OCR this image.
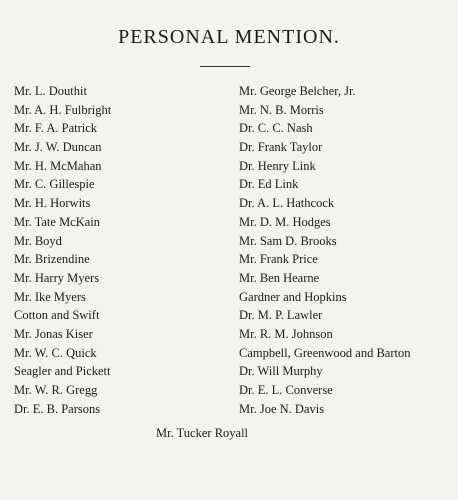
PERSONAL MENTION.
Mr. L. Douthit
Mr. A. H. Fulbright
Mr. F. A. Patrick
Mr. J. W. Duncan
Mr. H. McMahan
Mr. C. Gillespie
Mr. H. Horwits
Mr. Tate McKain
Mr. Boyd
Mr. Brizendine
Mr. Harry Myers
Mr. Ike Myers
Cotton and Swift
Mr. Jonas Kiser
Mr. W. C. Quick
Seagler and Pickett
Mr. W. R. Gregg
Dr. E. B. Parsons
Mr. George Belcher, Jr.
Mr. N. B. Morris
Dr. C. C. Nash
Dr. Frank Taylor
Dr. Henry Link
Dr. Ed Link
Dr. A. L. Hathcock
Mr. D. M. Hodges
Mr. Sam D. Brooks
Mr. Frank Price
Mr. Ben Hearne
Gardner and Hopkins
Dr. M. P. Lawler
Mr. R. M. Johnson
Campbell, Greenwood and Barton
Dr. Will Murphy
Dr. E. L. Converse
Mr. Joe N. Davis
Mr. Tucker Royall
